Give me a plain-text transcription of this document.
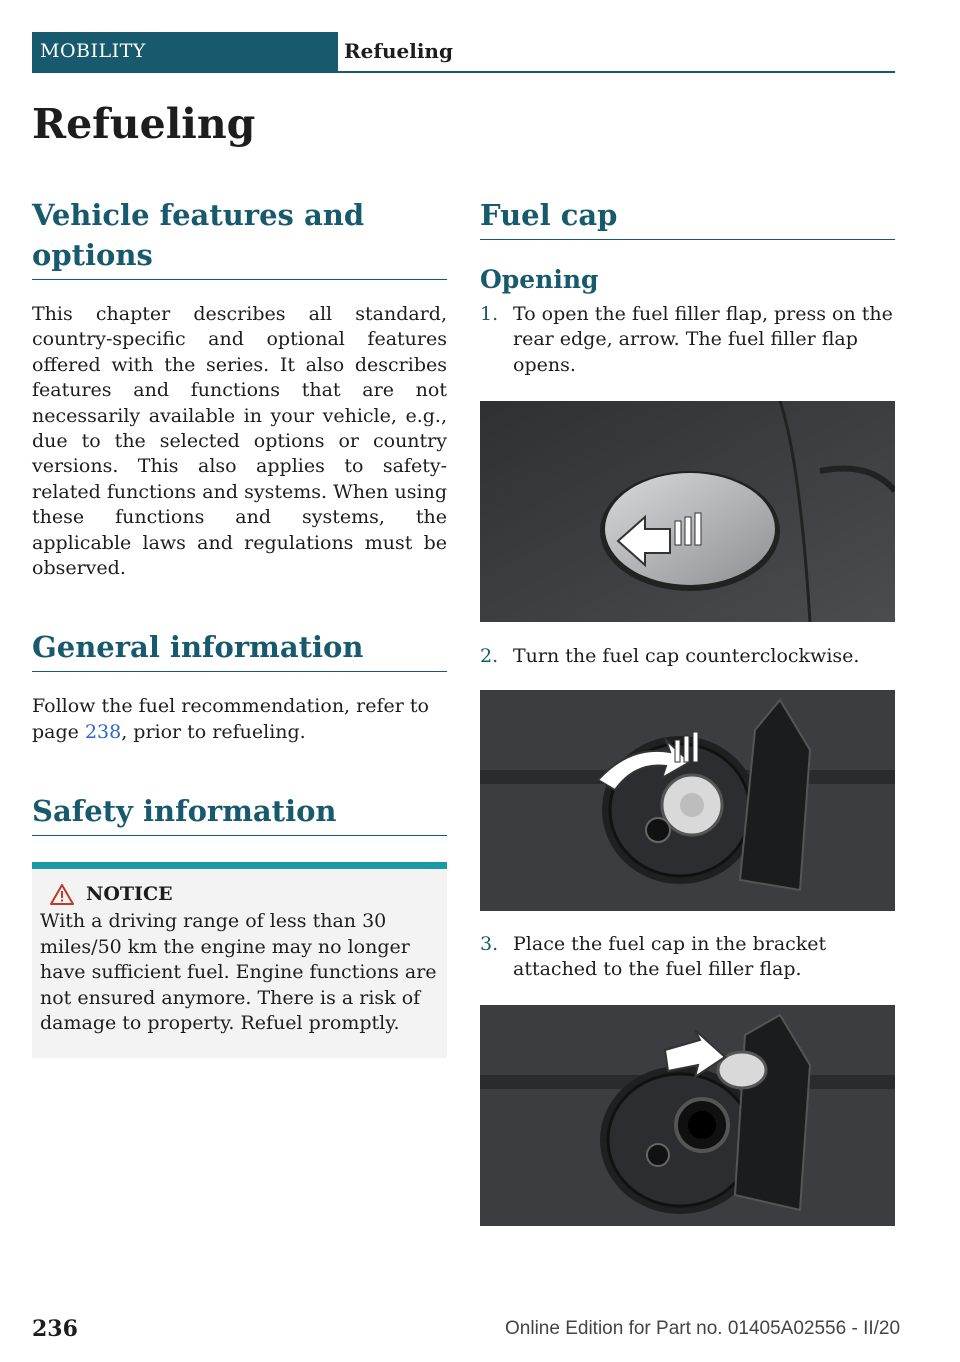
MOBILITY	Refueling
Refueling
Vehicle features and options

This chapter describes all standard, country-specific and optional features offered with the series. It also describes features and functions that are not necessarily available in your vehicle, e.g., due to the selected options or country versions. This also applies to safety-related functions and systems. When using these functions and systems, the applicable laws and regulations must be observed.

General information

Follow the fuel recommendation, refer to page 238, prior to refueling.

Safety information
NOTICE

With a driving range of less than 30 miles/50 km the engine may no longer have sufficient fuel. Engine functions are not ensured anymore. There is a risk of damage to property. Refuel promptly.

Fuel cap
Opening
1. To open the fuel filler flap, press on the rear edge, arrow. The fuel filler flap opens.
2. Turn the fuel cap counterclockwise.
3. Place the fuel cap in the bracket attached to the fuel filler flap.
236	Online Edition for Part no. 01405A02556 - II/20
